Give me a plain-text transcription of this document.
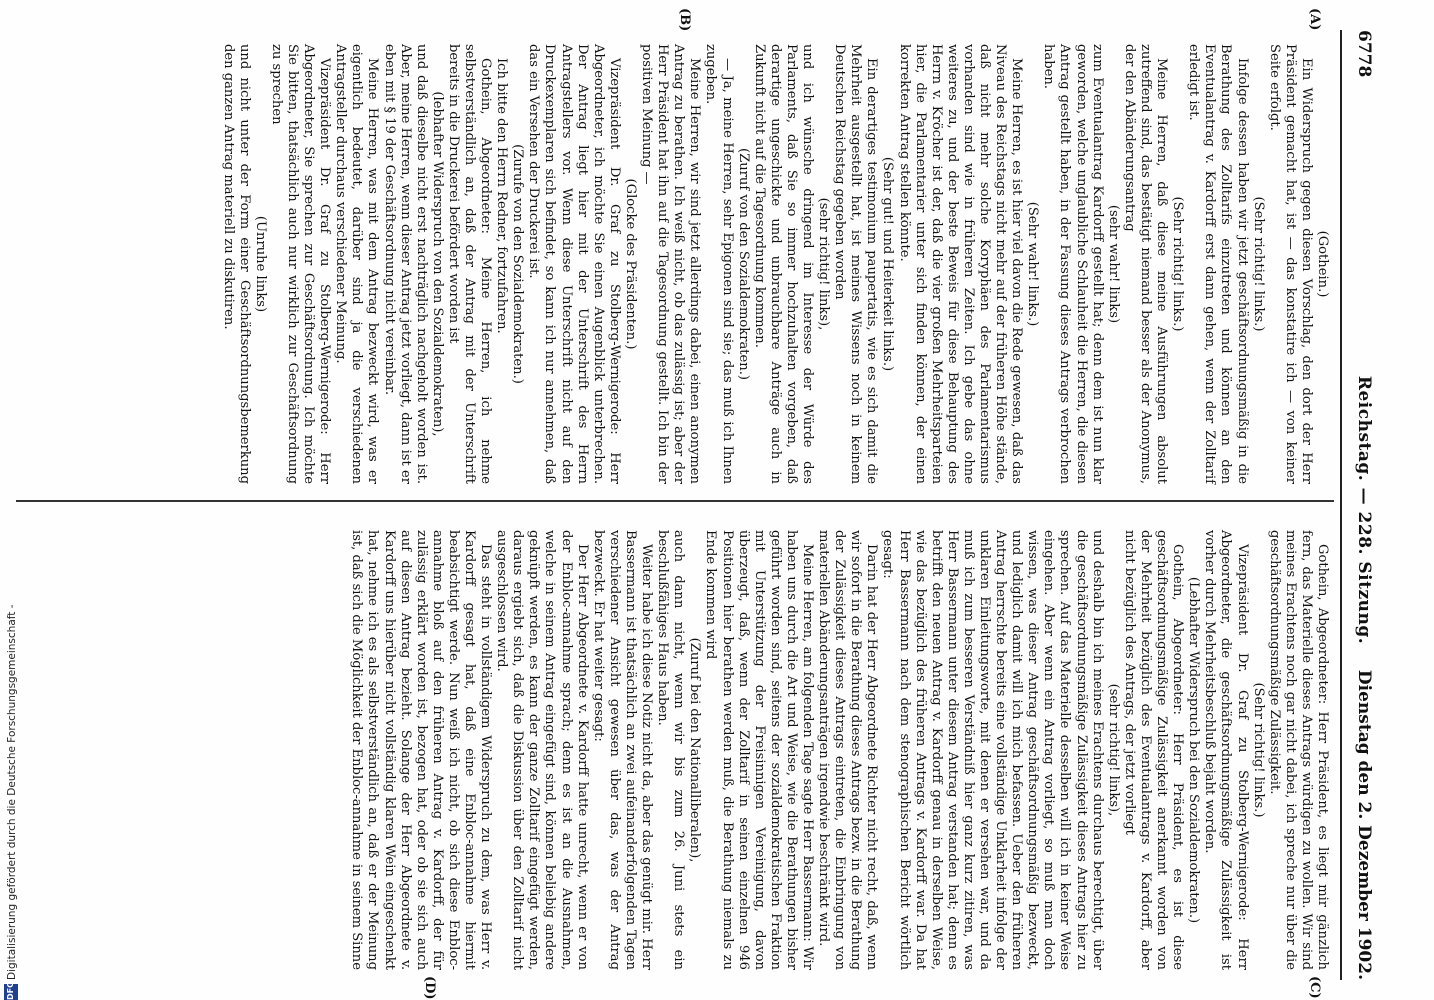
6778
Reichstag. — 228. Sitzung.
Dienstag den 2. Dezember 1902.
(A)
(B)
(C)
(D)

(Gothein.)

Ein Widerspruch gegen diesen Vorschlag, den dort der Herr Präsident gemacht hat, ist — das konstatire ich — von keiner Seite erfolgt.

(Sehr richtig! links.)

Infolge dessen haben wir jetzt geschäftsordnungsmäßig in die Berathung des Zolltarifs einzutreten und können an den Eventualantrag v. Kardorff erst dann gehen, wenn der Zolltarif erledigt ist.

(Sehr richtig! links.)

Meine Herren, daß diese meine Ausführungen absolut zutreffend sind, das bestätigt niemand besser als der Anonymus, der den Abänderungsantrag

(sehr wahr! links)

zum Eventualantrag Kardorff gestellt hat; denn dem ist nun klar geworden, welche unglaubliche Schlauheit die Herren, die diesen Antrag gestellt haben, in der Fassung dieses Antrags verbrochen haben.

(Sehr wahr! links.)

Meine Herren, es ist hier viel davon die Rede gewesen, daß das Niveau des Reichstags nicht mehr auf der früheren Höhe stände, daß nicht mehr solche Koryphäen des Parlamentarismus vorhanden sind wie in früheren Zeiten. Ich gebe das ohne weiteres zu, und der beste Beweis für diese Behauptung des Herrn v. Kröcher ist der, daß die vier großen Mehrheitsparteien hier, die Parlamentarier unter sich finden können, der einen korrekten Antrag stellen könnte.

(Sehr gut! und Heiterkeit links.)

Ein derartiges testimonium paupertatis, wie es sich damit die Mehrheit ausgestellt hat, ist meines Wissens noch in keinem Deutschen Reichstag gegeben worden

(sehr richtig! links),

und ich wünsche dringend im Interesse der Würde des Parlaments, daß Sie so immer hochzuhalten vorgeben, daß derartige ungeschickte und unbrauchbare Anträge auch in Zukunft nicht auf die Tagesordnung kommen.

(Zuruf von den Sozialdemokraten.)

— Ja, meine Herren, sehr Epigonen sind sie; das muß ich Ihnen zugeben.

Meine Herren, wir sind jetzt allerdings dabei, einen anonymen Antrag zu berathen. Ich weiß nicht, ob das zulässig ist; aber der Herr Präsident hat ihn auf die Tagesordnung gestellt. Ich bin der positiven Meinung —

(Glocke des Präsidenten.)

Vizepräsident Dr. Graf zu Stolberg-Wernigerode: Herr Abgeordneter, ich möchte Sie einen Augenblick unterbrechen. Der Antrag liegt hier mit der Unterschrift des Herrn Antragstellers vor. Wenn diese Unterschrift nicht auf den Druckexemplaren sich befindet, so kann ich nur annehmen, daß das ein Versehen der Druckerei ist.

(Zurufe von den Sozialdemokraten.)

Ich bitte den Herrn Redner, fortzufahren.

Gothein, Abgeordneter: Meine Herren, ich nehme selbstverständlich an, daß der Antrag mit der Unterschrift bereits in die Druckerei befördert worden ist

(lebhafter Widerspruch von den Sozialdemokraten),

und daß dieselbe nicht erst nachträglich nachgeholt worden ist. Aber, meine Herren, wenn dieser Antrag jetzt vorliegt, dann ist er eben mit § 19 der Geschäftsordnung nicht vereinbar.

Meine Herren, was mit dem Antrag bezweckt wird, was er eigentlich bedeutet, darüber sind ja die verschiedenen Antragsteller durchaus verschiedener Meinung.

Vizepräsident Dr. Graf zu Stolberg-Wernigerode: Herr Abgeordneter, Sie sprechen zur Geschäftsordnung. Ich möchte Sie bitten, thatsächlich auch nur wirklich zur Geschäftsordnung zu sprechen

(Unruhe links)

und nicht unter der Form einer Geschäftsordnungsbemerkung den ganzen Antrag materiell zu diskutiren.

Gothein, Abgeordneter: Herr Präsident, es liegt mir gänzlich fern, das Materielle dieses Antrags würdigen zu wollen. Wir sind meines Erachtens noch gar nicht dabei, ich spreche nur über die geschäftsordnungsmäßige Zulässigkeit.

(Sehr richtig! links.)

Vizepräsident Dr. Graf zu Stolberg-Wernigerode: Herr Abgeordneter, die geschäftsordnungsmäßige Zulässigkeit ist vorher durch Mehrheitsbeschluß bejaht worden.

(Lebhafter Widerspruch bei den Sozialdemokraten.)

Gothein, Abgeordneter: Herr Präsident, es ist diese geschäftsordnungsmäßige Zulässigkeit anerkannt worden von der Mehrheit bezüglich des Eventualantrags v. Kardorff, aber nicht bezüglich des Antrags, der jetzt vorliegt

(sehr richtig! links),

und deshalb bin ich meines Erachtens durchaus berechtigt, über die geschäftsordnungsmäßige Zulässigkeit dieses Antrags hier zu sprechen. Auf das Materielle desselben will ich in keiner Weise eingehen. Aber wenn ein Antrag vorliegt, so muß man doch wissen, was dieser Antrag geschäftsordnungsmäßig bezweckt, und lediglich damit will ich mich befassen. Ueber den früheren Antrag herrschte bereits eine vollständige Unklarheit infolge der unklaren Einleitungsworte, mit denen er versehen war, und da muß ich zum besseren Verständniß hier ganz kurz zitiren, was Herr Bassermann unter diesem Antrag verstanden hat; denn es betrifft den neuen Antrag v. Kardorff genau in derselben Weise, wie das bezüglich des früheren Antrags v. Kardorff war. Da hat Herr Bassermann nach dem stenographischen Bericht wörtlich gesagt:

Darin hat der Herr Abgeordnete Richter nicht recht, daß, wenn wir sofort in die Berathung dieses Antrags bezw. in die Berathung der Zulässigkeit dieses Antrags eintreten, die Einbringung von materiellen Abänderungsanträgen irgendwie beschränkt wird.

Meine Herren, am folgenden Tage sagte Herr Bassermann: Wir haben uns durch die Art und Weise, wie die Berathungen bisher geführt worden sind, seitens der sozialdemokratischen Fraktion mit Unterstützung der Freisinnigen Vereinigung, davon überzeugt, daß, wenn der Zolltarif in seinen einzelnen 946 Positionen hier berathen werden muß, die Berathung niemals zu Ende kommen wird

(Zuruf bei den Nationalliberalen),

auch dann nicht, wenn wir bis zum 26. Juni stets ein beschlußfähiges Haus haben.

Weiter habe ich diese Notiz nicht da, aber das genügt mir. Herr Bassermann ist thatsächlich an zwei aufeinanderfolgenden Tagen verschiedener Ansicht gewesen über das, was der Antrag bezweckt. Er hat weiter gesagt:

Der Herr Abgeordnete v. Kardorff hatte unrecht, wenn er von der Enbloc-annahme sprach; denn es ist an die Ausnahmen, welche in seinem Antrag eingefügt sind, können beliebig andere geknüpft werden, es kann der ganze Zolltarif eingefügt werden, daraus ergiebt sich, daß die Diskussion über den Zolltarif nicht ausgeschlossen wird.

Das steht in vollständigem Widerspruch zu dem, was Herr v. Kardorff gesagt hat, daß eine Enbloc-annahme hiermit beabsichtigt werde. Nun weiß ich nicht, ob sich diese Enbloc-annahme bloß auf den früheren Antrag v. Kardorff, der für zulässig erklärt worden ist, bezogen hat, oder ob sie sich auch auf diesen Antrag bezieht. Solange der Herr Abgeordnete v. Kardorff uns hierüber nicht vollständig klaren Wein eingeschenkt hat, nehme ich es als selbstverständlich an, daß er der Meinung ist, daß sich die Möglichkeit der Enbloc-annahme in seinem Sinne

DFG
Digitalisierung gefördert durch die Deutsche Forschungsgemeinschaft -
